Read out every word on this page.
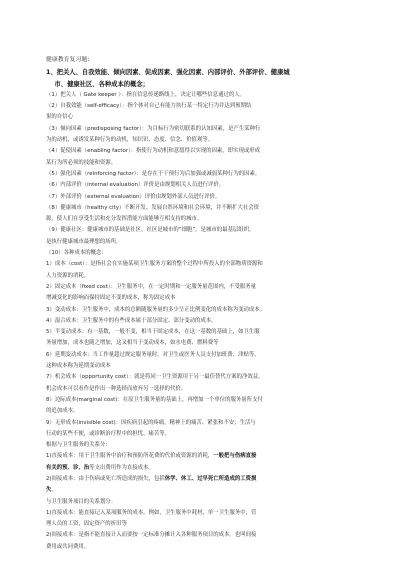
健康教育复习题:
1、把关人、自我效能、倾向因素、促成因素、强化因素、内部评价、外部评价、健康城
　 市、健康社区、各种成本的概念；
（1）把关人（ Gate keeper ）：指在信息传递路线上，决定让哪些信息通过的人。
（2）自我效能（self-efficacy）：指个体对自己有能力执行某一特定行为并达到预期结
果的自信心
（3）倾向因素（predisposing factor）：为目标行为密切联系的认知因素，是产生某种行
为的动机，或诱发某种行为的动机，知识识、态度、信念、价值观等。
（4）促使因素（enabling factor）：指使行为动机和意愿得以实现的因素，即实现或形成
某行为所必须的技能和资源。
（5）强化因素（reinforcing factor）：是存在于干预行为后加强或减弱某种行为的因素。
（6）内部评价（internal evaluation）评价是由规划相关人员进行评价。
（7）外部评价（external evaluation）评价由规划外部人员进行评价。
（8）健康城市（healthy city）不断开发、发展自然环境和社会环境，并不断扩大社会资
源，使人们在享受生活和充分发挥潜能方面能够互相支持的城市。
（9）健康社区：健康城市的基础是社区，社区是城市的“细胞”，是城市的最基层组织，
是执行健康城市最理想的场所。
（10）各种成本的概念：
1）成本（cost）：是指社会在实施某项卫生服务方案的整个过程中所投入的全部物质资源和
人力资源的消耗。
2）固定成本（fixed cost）：卫生服务中，在一定时期和一定服务量范围内，不受服务量
增减变化的影响而保持固定不变的成本，称为固定成本
3）变动成本：卫生服务中，成本的总额随服务量的多少呈正比例变化的成本称为变动成本。
4）混合成本：卫生服务中的有些成本属于部分固定、部分变动的成本。
5）半变动成本：有一基数，一般不变，相当于固定成本，在这一基数的基础上，如卫生服
务量增加，成本也随之增加，这又相当于变动成本，如水电费、燃料费等
6）延期变动成本：当工作量超过规定服务量时，对卫生或医务人员支付加班费、津贴等，
这种成本称为延期变动成本
7）机会成本（opportunity cost）：就是将同一卫生资源用于另一最佳替代方案的净效益，
机会成本可以看作是作出一种选择而放弃另一选择的代价。
8）边际成本(marginal cost)：在原卫生服务量的基础上，再增加一个单位的服务量所支付
的追加成本。
9）无形成本(invisible cost)：因疾病引起的疼痛，精神上的痛苦、紧张和不安；生活与
行动的某些不便，或诊断治疗程中的担忧、痛苦等。
根据与卫生服务的关系分：
1)直接成本：用于卫生服务中治疗和预防所花费的代价或资源的消耗，一般把与伤病直接
有关的预、诊、治等支出费用作为直接成本。
2)间接成本：由于伤病或死亡所造成的损失，包括休学、休工、过早死亡所造成的工资损
失。
与卫生服务项目的关系划分：
1)直接成本：能直接记入某项服务的成本。例如，卫生服务中耗材，单一卫生服务中，管
理人员的工资，固定资产的折旧等
2)间接成本：是指不能直接计入而要按一定标准分摊计入各种服务项目的成本。也叫间接
费用或共同费用。
